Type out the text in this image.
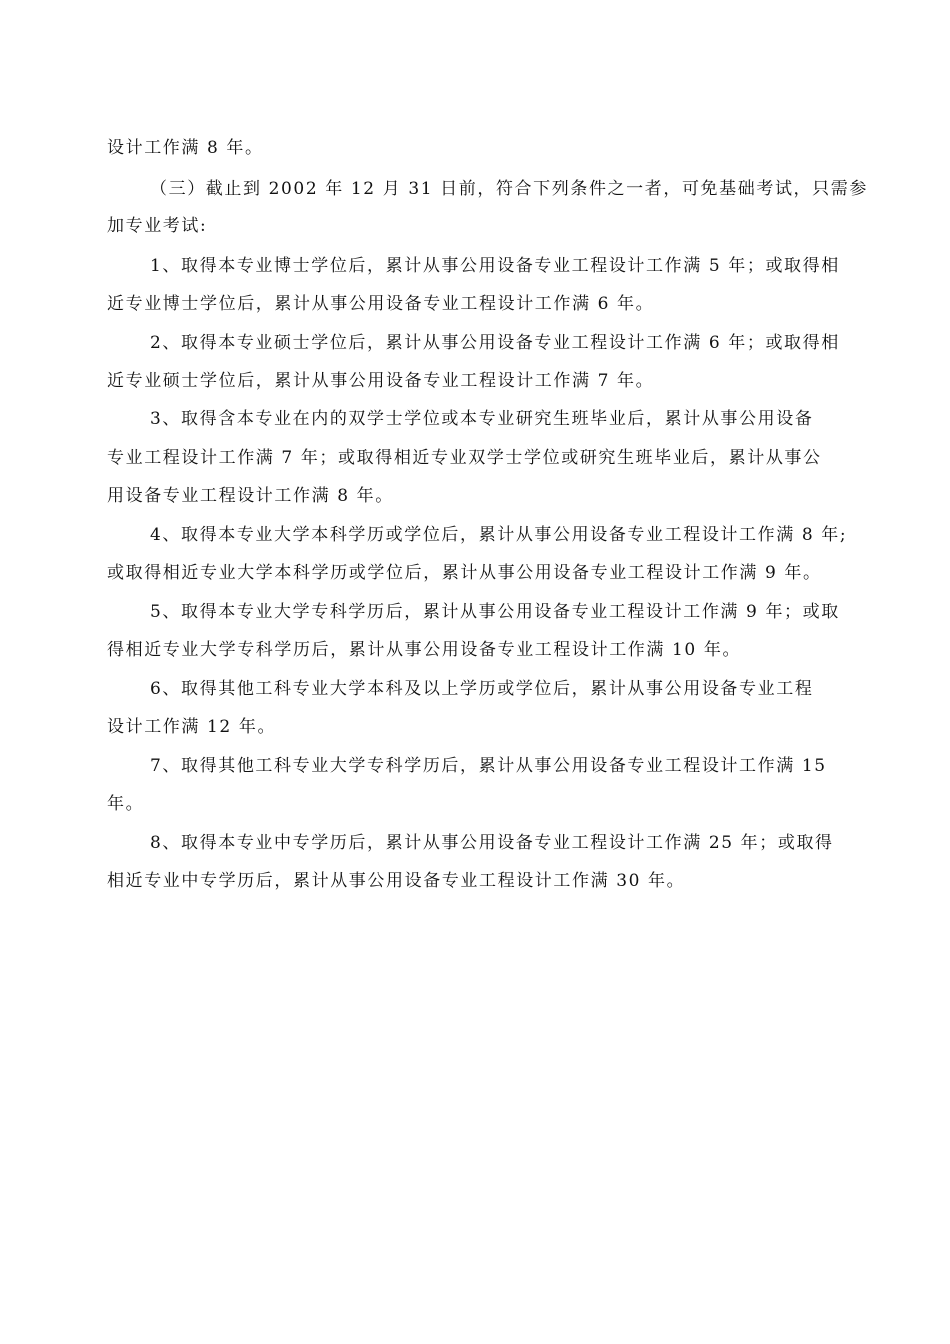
设计工作满 8 年。
（三）截止到 2002 年 12 月 31 日前，符合下列条件之一者，可免基础考试，只需参
加专业考试:
1、取得本专业博士学位后，累计从事公用设备专业工程设计工作满 5 年；或取得相
近专业博士学位后，累计从事公用设备专业工程设计工作满 6 年。
2、取得本专业硕士学位后，累计从事公用设备专业工程设计工作满 6 年；或取得相
近专业硕士学位后，累计从事公用设备专业工程设计工作满 7 年。
3、取得含本专业在内的双学士学位或本专业研究生班毕业后，累计从事公用设备
专业工程设计工作满 7 年；或取得相近专业双学士学位或研究生班毕业后，累计从事公
用设备专业工程设计工作满 8 年。
4、取得本专业大学本科学历或学位后，累计从事公用设备专业工程设计工作满 8 年;
或取得相近专业大学本科学历或学位后，累计从事公用设备专业工程设计工作满 9 年。
5、取得本专业大学专科学历后，累计从事公用设备专业工程设计工作满 9 年；或取
得相近专业大学专科学历后，累计从事公用设备专业工程设计工作满 10 年。
6、取得其他工科专业大学本科及以上学历或学位后，累计从事公用设备专业工程
设计工作满 12 年。
7、取得其他工科专业大学专科学历后，累计从事公用设备专业工程设计工作满 15
年。
8、取得本专业中专学历后，累计从事公用设备专业工程设计工作满 25 年；或取得
相近专业中专学历后，累计从事公用设备专业工程设计工作满 30 年。
